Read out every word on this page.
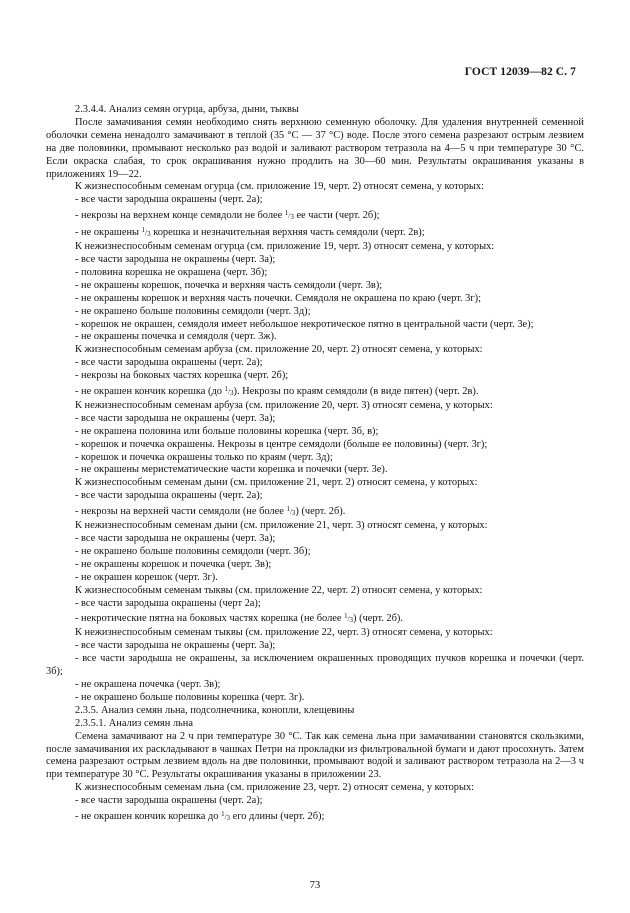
ГОСТ 12039—82 С. 7

2.3.4.4. Анализ семян огурца, арбуза, дыни, тыквы

После замачивания семян необходимо снять верхнюю семенную оболочку. Для удаления внутренней семенной оболочки семена ненадолго замачивают в теплой (35 °С — 37 °С) воде. После этого семена разрезают острым лезвием на две половинки, промывают несколько раз водой и заливают раствором тетразола на 4—5 ч при температуре 30 °С. Если окраска слабая, то срок окрашивания нужно продлить на 30—60 мин. Результаты окрашивания указаны в приложениях 19—22.

К жизнеспособным семенам огурца (см. приложение 19, черт. 2) относят семена, у которых:

- все части зародыша окрашены (черт. 2а);

- некрозы на верхнем конце семядоли не более $^1/_3$ ее части (черт. 2б);

- не окрашены $^1/_3$ корешка и незначительная верхняя часть семядоли (черт. 2в);

К нежизнеспособным семенам огурца (см. приложение 19, черт. 3) относят семена, у которых:

- все части зародыша не окрашены (черт. 3а);

- половина корешка не окрашена (черт. 3б);

- не окрашены корешок, почечка и верхняя часть семядоли (черт. 3в);

- не окрашены корешок и верхняя часть почечки. Семядоля не окрашена по краю (черт. 3г);

- не окрашено больше половины семядоли (черт. 3д);

- корешок не окрашен, семядоля имеет небольшое некротическое пятно в центральной части (черт. 3е);

- не окрашены почечка и семядоля (черт. 3ж).

К жизнеспособным семенам арбуза (см. приложение 20, черт. 2) относят семена, у которых:

- все части зародыша окрашены (черт. 2а);

- некрозы на боковых частях корешка (черт. 2б);

- не окрашен кончик корешка (до $^1/_3$). Некрозы по краям семядоли (в виде пятен) (черт. 2в).

К нежизнеспособным семенам арбуза (см. приложение 20, черт. 3) относят семена, у которых:

- все части зародыша не окрашены (черт. 3а);

- не окрашена половина или больше половины корешка (черт. 3б, в);

- корешок и почечка окрашены. Некрозы в центре семядоли (больше ее половины) (черт. 3г);

- корешок и почечка окрашены только по краям (черт. 3д);

- не окрашены меристематические части корешка и почечки (черт. 3е).

К жизнеспособным семенам дыни (см. приложение 21, черт. 2) относят семена, у которых:

- все части зародыша окрашены (черт. 2а);

- некрозы на верхней части семядоли (не более $^1/_3$) (черт. 2б).

К нежизнеспособным семенам дыни (см. приложение 21, черт. 3) относят семена, у которых:

- все части зародыша не окрашены (черт. 3а);

- не окрашено больше половины семядоли (черт. 3б);

- не окрашены корешок и почечка (черт. 3в);

- не окрашен корешок (черт. 3г).

К жизнеспособным семенам тыквы (см. приложение 22, черт. 2) относят семена, у которых:

- все части зародыша окрашены (черт 2а);

- некротические пятна на боковых частях корешка (не более $^1/_3$) (черт. 2б).

К нежизнеспособным семенам тыквы (см. приложение 22, черт. 3) относят семена, у которых:

- все части зародыша не окрашены (черт. 3а);

- все части зародыша не окрашены, за исключением окрашенных проводящих пучков корешка и почечки (черт. 3б);

- не окрашена почечка (черт. 3в);

- не окрашено больше половины корешка (черт. 3г).

2.3.5. Анализ семян льна, подсолнечника, конопли, клещевины

2.3.5.1. Анализ семян льна

Семена замачивают на 2 ч при температуре 30 °С. Так как семена льна при замачивании становятся скользкими, после замачивания их раскладывают в чашках Петри на прокладки из фильтровальной бумаги и дают просохнуть. Затем семена разрезают острым лезвием вдоль на две половинки, промывают водой и заливают раствором тетразола на 2—3 ч при температуре 30 °С. Результаты окрашивания указаны в приложении 23.

К жизнеспособным семенам льна (см. приложение 23, черт. 2) относят семена, у которых:

- все части зародыша окрашены (черт. 2а);

- не окрашен кончик корешка до $^1/_3$ его длины (черт. 2б);

73
